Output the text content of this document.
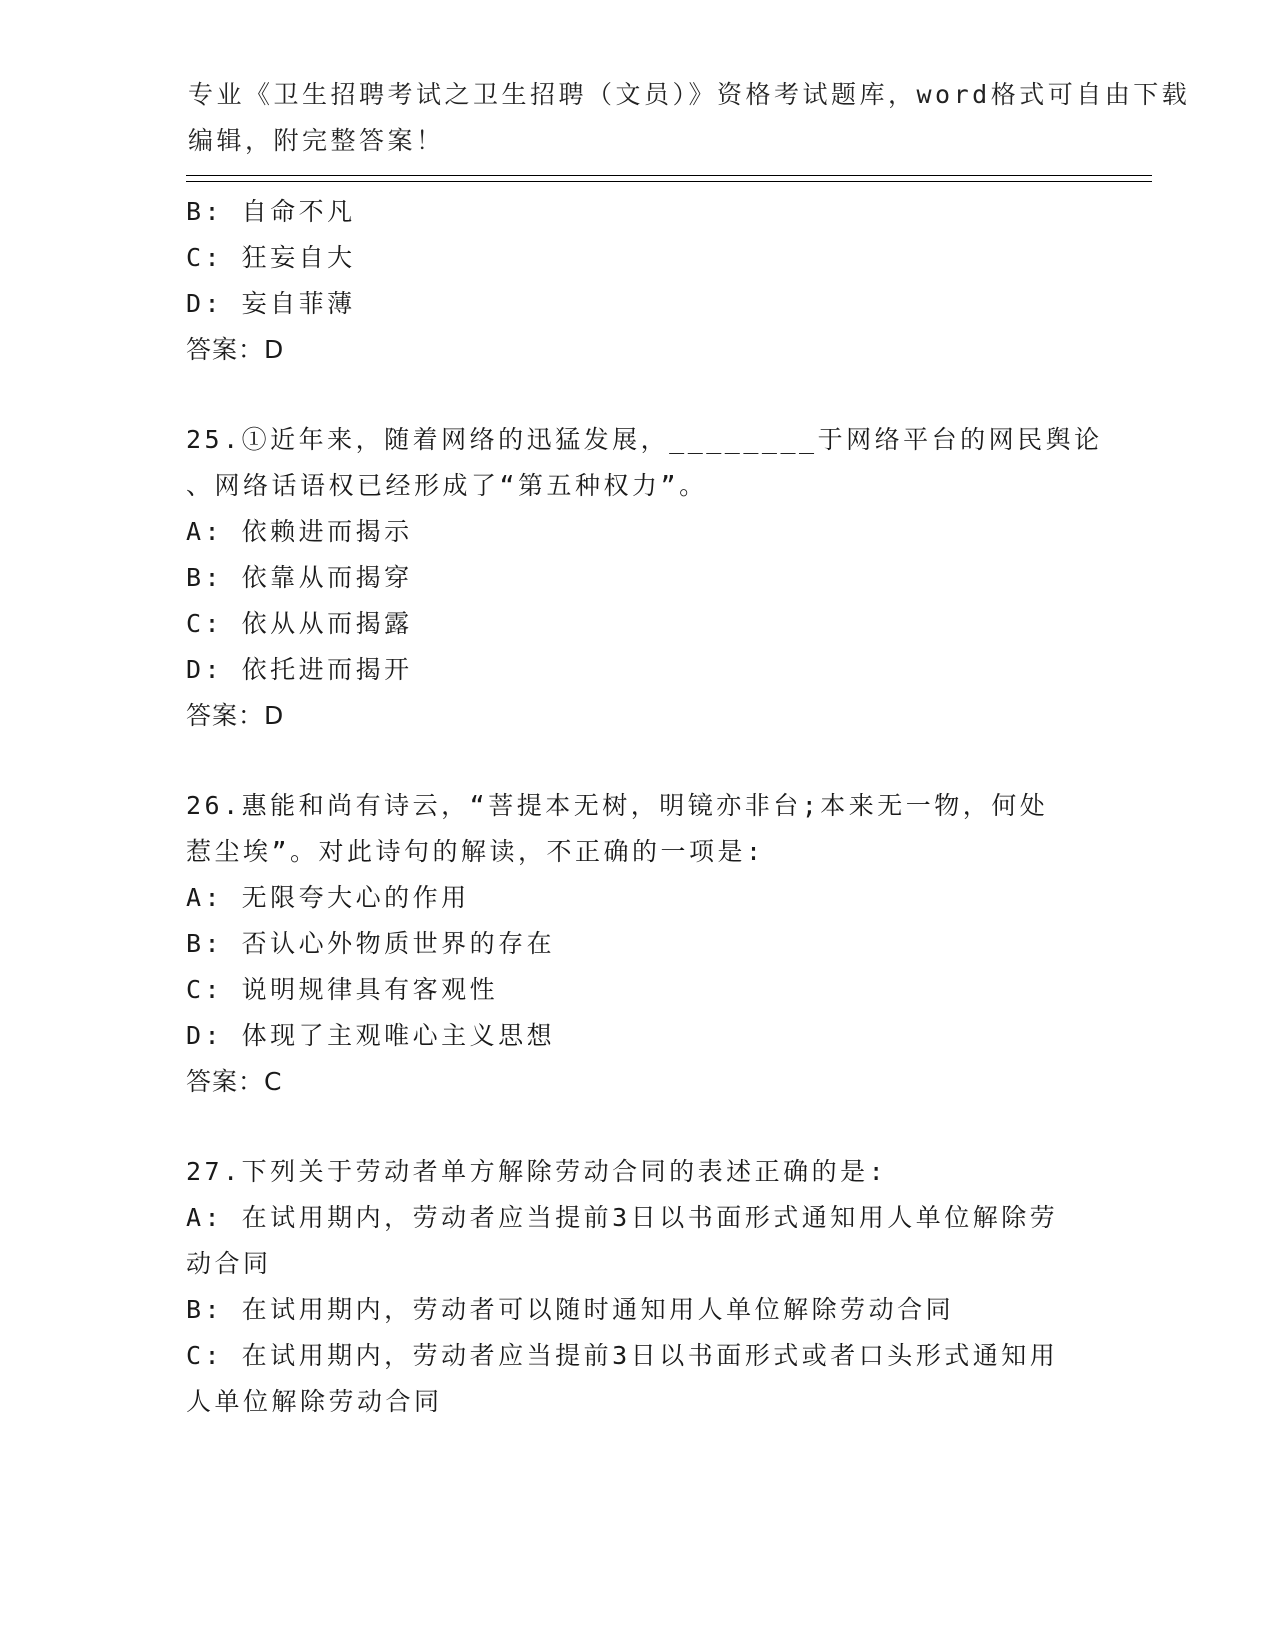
专业《卫生招聘考试之卫生招聘（文员）》资格考试题库，word格式可自由下载
编辑，附完整答案！
B: 自命不凡
C: 狂妄自大
D: 妄自菲薄
答案：D
25.①近年来，随着网络的迅猛发展，________于网络平台的网民舆论
、网络话语权已经形成了“第五种权力”。
A: 依赖进而揭示
B: 依靠从而揭穿
C: 依从从而揭露
D: 依托进而揭开
答案：D
26.惠能和尚有诗云，“菩提本无树，明镜亦非台;本来无一物，何处
惹尘埃”。对此诗句的解读，不正确的一项是:
A: 无限夸大心的作用
B: 否认心外物质世界的存在
C: 说明规律具有客观性
D: 体现了主观唯心主义思想
答案：C
27.下列关于劳动者单方解除劳动合同的表述正确的是:
A: 在试用期内，劳动者应当提前3日以书面形式通知用人单位解除劳
动合同
B: 在试用期内，劳动者可以随时通知用人单位解除劳动合同
C: 在试用期内，劳动者应当提前3日以书面形式或者口头形式通知用
人单位解除劳动合同
